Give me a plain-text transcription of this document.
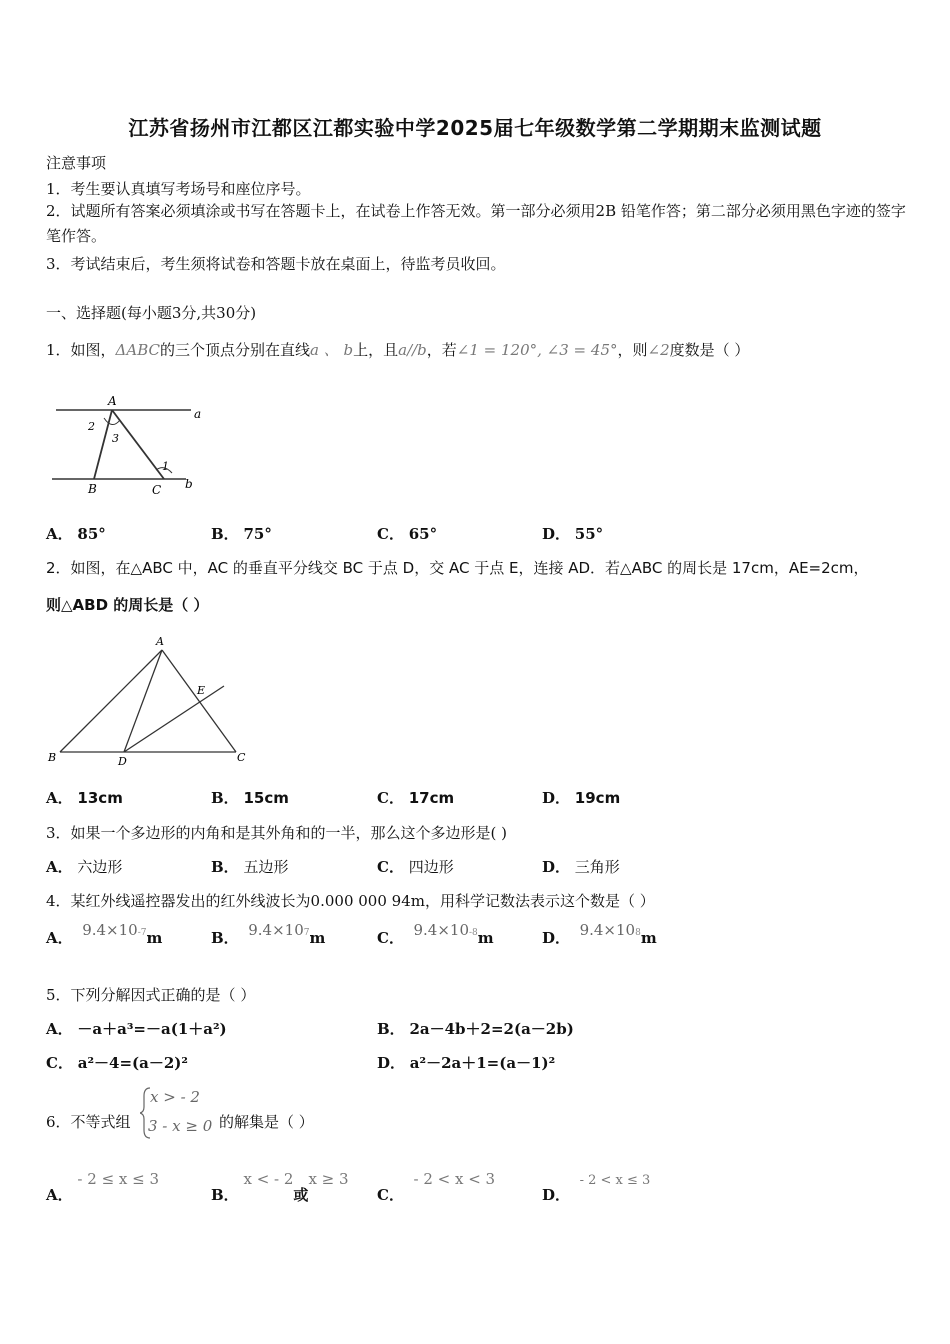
江苏省扬州市江都区江都实验中学2025届七年级数学第二学期期末监测试题
注意事项
1．考生要认真填写考场号和座位序号。
2．试题所有答案必须填涂或书写在答题卡上，在试卷上作答无效。第一部分必须用2B 铅笔作答；第二部分必须用黑色字迹的签字笔作答。
3．考试结束后，考生须将试卷和答题卡放在桌面上，待监考员收回。
一、选择题(每小题3分,共30分)
1．如图，ΔABC的三个顶点分别在直线a 、 b上，且a//b，若∠1 = 120°, ∠3 = 45°，则∠2度数是（ ）
A
B	C
a
b
1
2
3
A． 85°	B． 75°	C． 65°	D． 55°
2．如图，在△ABC 中，AC 的垂直平分线交 BC 于点 D，交 AC 于点 E，连接 AD．若△ABC 的周长是 17cm，AE=2cm，
则△ABD 的周长是（ ）
A
B	C
D
E
A． 13cm	B． 15cm	C． 17cm	D． 19cm
3．如果一个多边形的内角和是其外角和的一半，那么这个多边形是( )
A． 六边形	B． 五边形	C． 四边形	D． 三角形
4．某红外线遥控器发出的红外线波长为0.000 000 94m，用科学记数法表示这个数是（ ）
A． $9.4\times 10^{-7}m$	B． $9.4\times 10^7m$	C． $9.4\times 10^{-8}m$	D． $9.4\times 10^8m$
5．下列分解因式正确的是（ ）
A． －a＋a³=－a(1＋a²)	B． 2a－4b＋2=2(a－2b)
C． a²－4=(a－2)²	D． a²－2a＋1=(a－1)²
6．不等式组
x > - 2
3 - x ≥ 0 的解集是（ ）
A． - 2 ≤ x ≤ 3
B． x < - 2或x ≥ 3
C．  - 2 < x < 3
D．  - 2 < x ≤ 3
